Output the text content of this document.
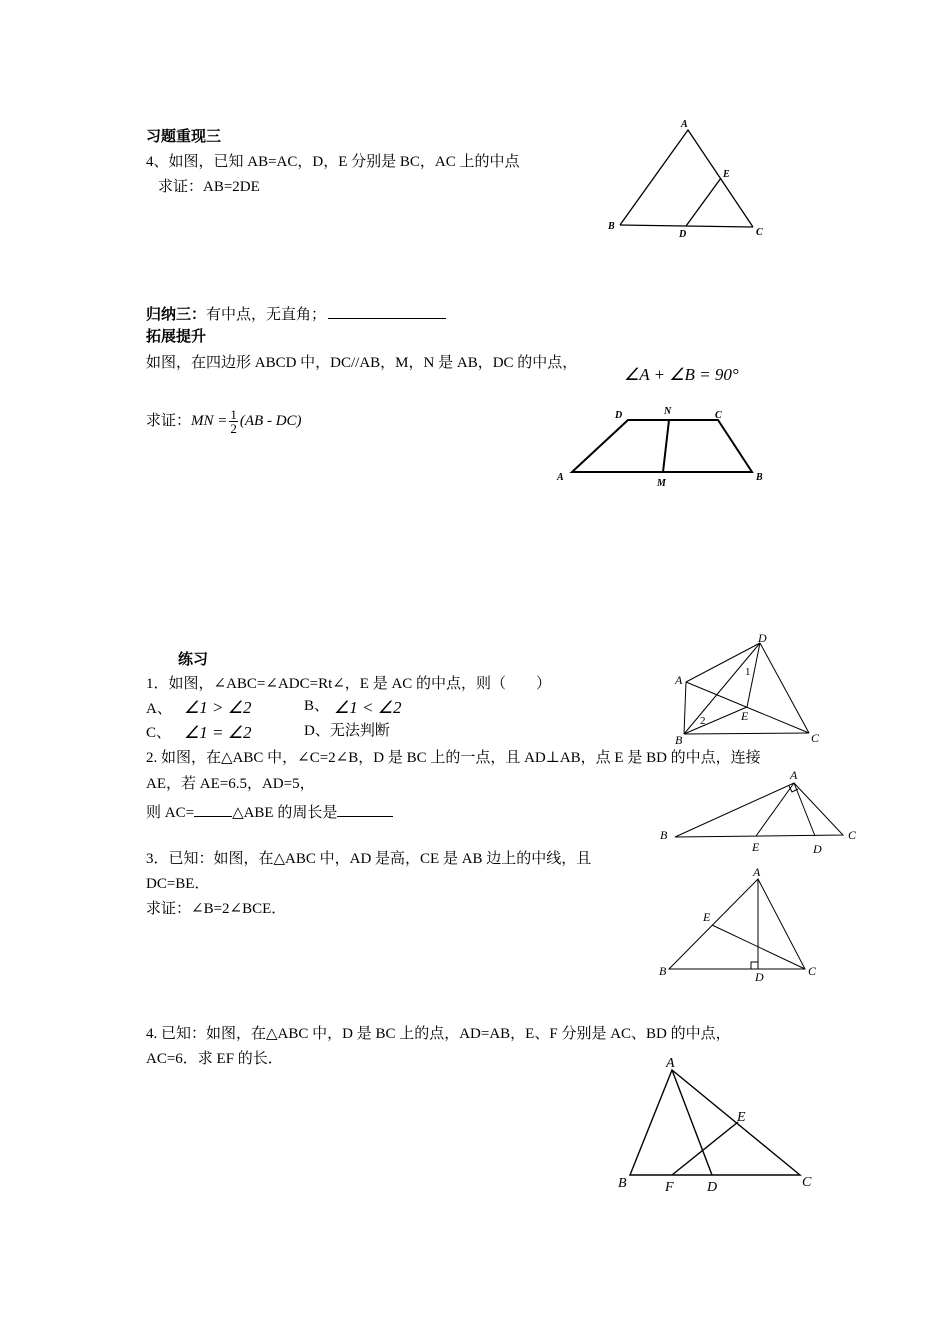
习题重现三
4、如图，已知 AB=AC，D，E 分别是 BC，AC 上的中点
求证：AB=2DE
A
B
C
D
E
归纳三：有中点，无直角；
拓展提升
如图，在四边形 ABCD 中，DC//AB，M，N 是 AB，DC 的中点，
∠A + ∠B = 90°
求证：MN = $\frac{1}{2} (AB - DC)$
A	B
C
D
M
N
练习
1．如图，∠ABC=∠ADC=Rt∠，E 是 AC 的中点，则（　　）
A、 ∠1 > ∠2	B、 ∠1 < ∠2
C、 ∠1 = ∠2	D、无法判断
D
A
B	C
E
1
2
2. 如图，在△ABC 中，∠C=2∠B，D 是 BC 上的一点，且 AD⊥AB，点 E 是 BD 的中点，连接
AE，若 AE=6.5，AD=5，
则 AC=	△ABE 的周长是
A
B	C
D
E
3．已知：如图，在△ABC 中，AD 是高，CE 是 AB 边上的中线，且
DC=BE．
求证：∠B=2∠BCE．
A
B	C
D
E
4. 已知：如图，在△ABC 中，D 是 BC 上的点，AD=AB，E、F 分别是 AC、BD 的中点，
AC=6．求 EF 的长．	A
B	C
D
E
F
